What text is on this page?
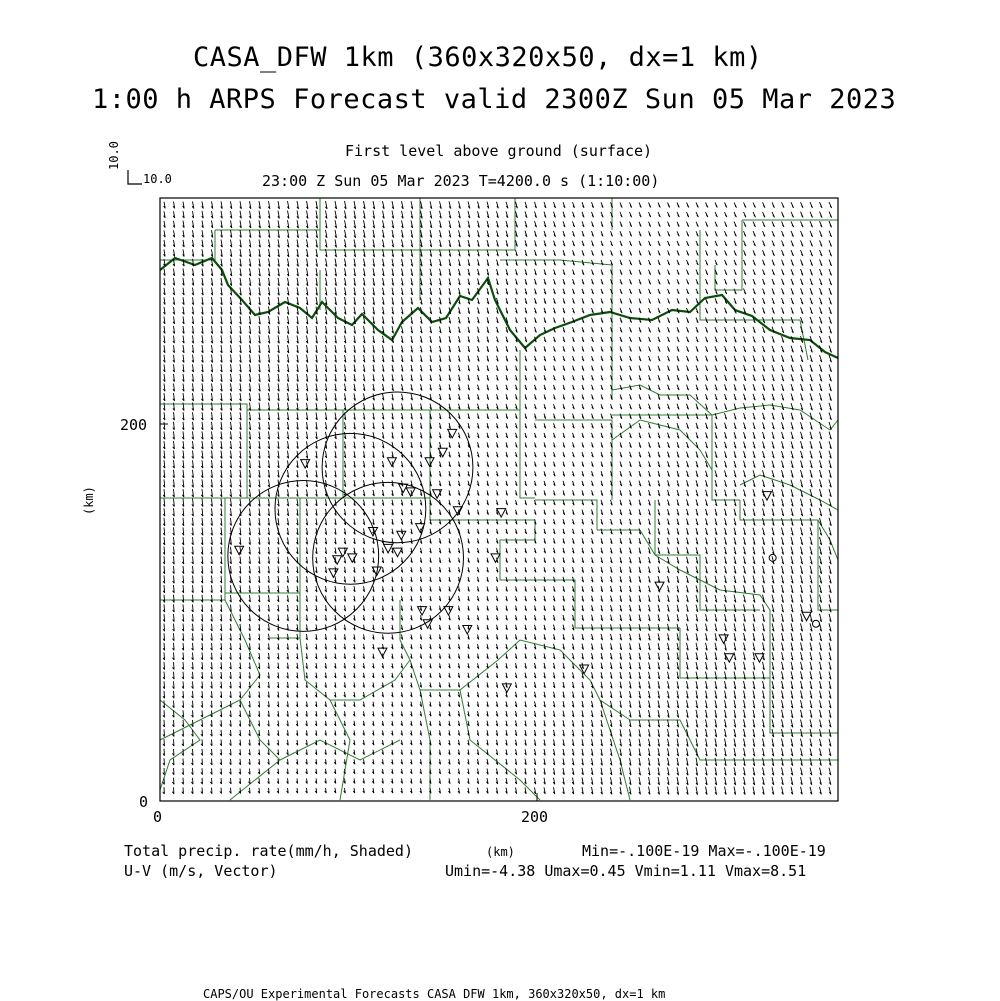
CASA_DFW 1km (360x320x50, dx=1 km)
1:00 h ARPS Forecast valid 2300Z Sun 05 Mar 2023
First level above ground (surface)
23:00 Z Sun 05 Mar 2023 T=4200.0 s (1:10:00)
10.0
10.0
200
0
0	200
(km)
Total precip. rate(mm/h, Shaded)	(km)	Min=-.100E-19 Max=-.100E-19
U-V (m/s, Vector)	Umin=-4.38 Umax=0.45 Vmin=1.11 Vmax=8.51
CAPS/OU Experimental Forecasts CASA DFW 1km, 360x320x50, dx=1 km
